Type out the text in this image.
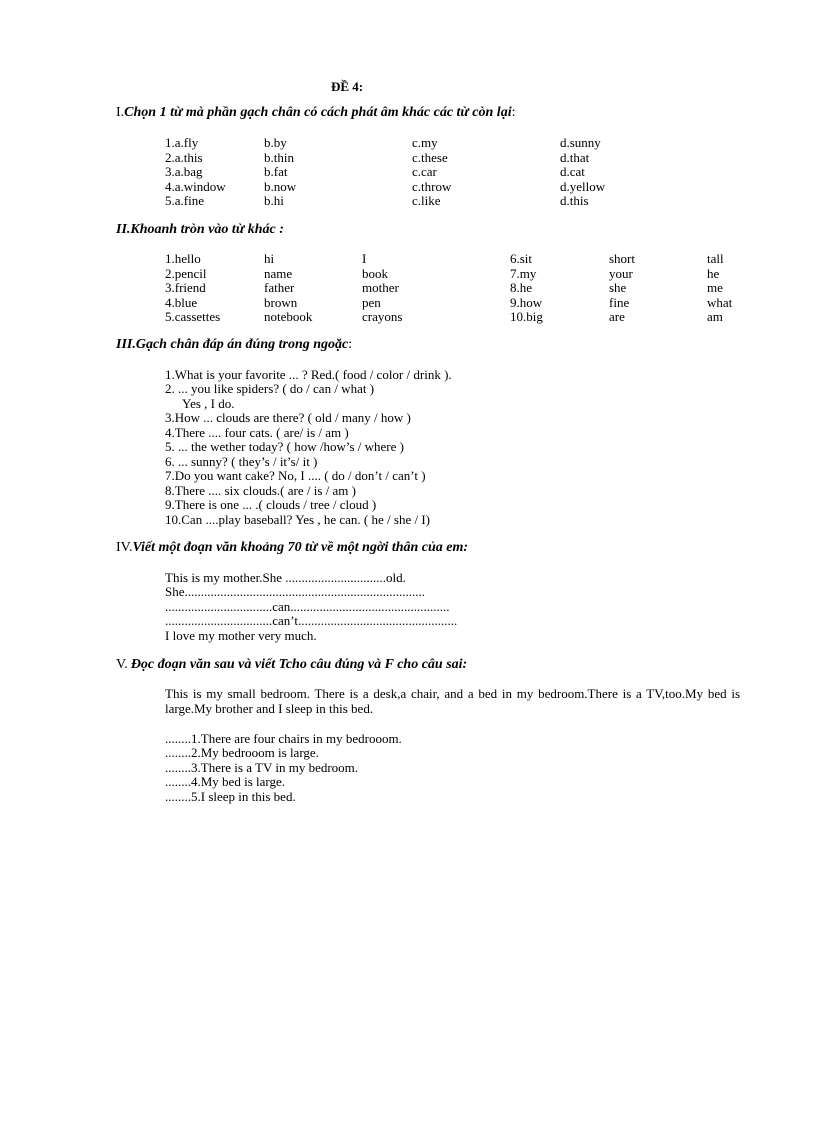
ĐỀ 4:
I.Chọn 1 từ mà phần gạch chân có cách phát âm khác các từ còn lại:
1.a.fly	b.by	c.my	d.sunny
2.a.this	b.thin	c.these	d.that
3.a.bag	b.fat	c.car	d.cat
4.a.window	b.now	c.throw	d.yellow
5.a.fine	b.hi	c.like	d.this
II.Khoanh tròn vào từ khác :
1.hello	hi	I	6.sit	short	tall
2.pencil	name	book	7.my	your	he
3.friend	father	mother	8.he	she	me
4.blue	brown	pen	9.how	fine	what
5.cassettes	notebook	crayons	10.big	are	am
III.Gạch chân đáp án đúng trong ngoặc:
1.What is your favorite ... ? Red.( food / color / drink ).
2. ... you like spiders? ( do / can / what )
Yes , I do.
3.How ... clouds are there? ( old / many / how )
4.There .... four cats. ( are/ is / am )
5. ... the wether today? ( how /how’s / where )
6. ... sunny? ( they’s / it’s/ it )
7.Do you want cake? No, I .... ( do / don’t / can’t )
8.There .... six clouds.( are / is / am )
9.There is one ... .( clouds / tree / cloud )
10.Can ....play baseball? Yes , he can. ( he / she / I)
IV.Viết một đoạn văn khoảng 70 từ về một ngời thân của em:
This is my mother.She ...............................old.
She..........................................................................
.................................can.................................................
.................................can’t.................................................
I love my mother very much.
V. Đọc đoạn văn sau và viết Tcho câu đúng và F cho câu sai:
This is my small bedroom. There is a desk,a chair, and a bed in my bedroom.There is a TV,too.My bed is large.My brother and I sleep in this bed.
........1.There are four chairs in my bedrooom.
........2.My bedrooom is large.
........3.There is a TV in my bedroom.
........4.My bed is large.
........5.I sleep in this bed.
